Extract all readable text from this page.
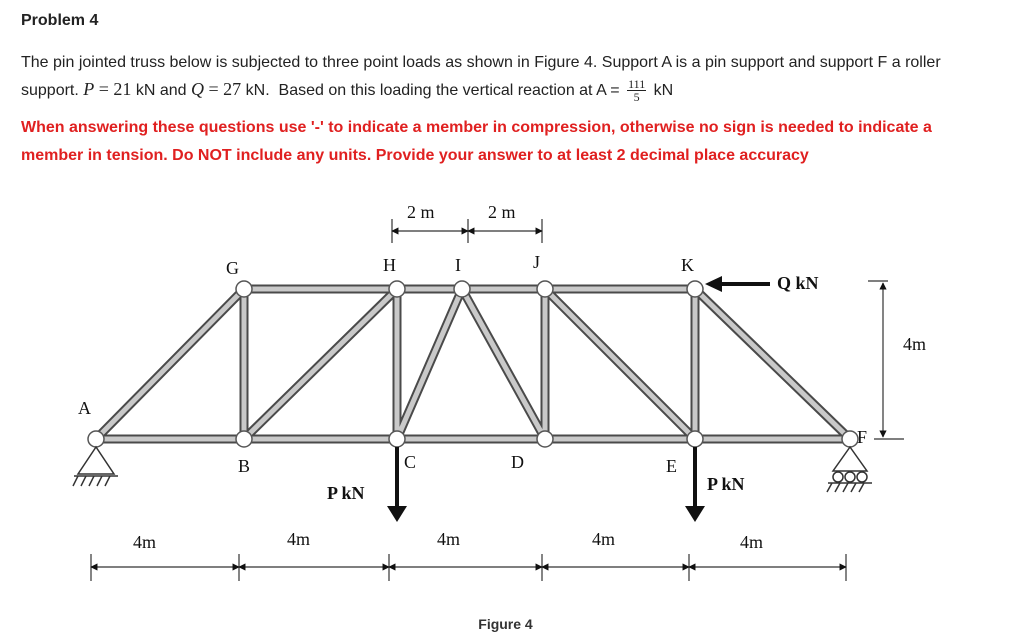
Problem 4
The pin jointed truss below is subjected to three point loads as shown in Figure 4. Support A is a pin support and support F a roller support. P = 21 kN and Q = 27 kN. Based on this loading the vertical reaction at $A = \frac{111}{5}$ kN
When answering these questions use '-' to indicate a member in compression, otherwise no sign is needed to indicate a
member in tension. Do NOT include any units. Provide your answer to at least 2 decimal place accuracy
A
B	C	D	E
F
G	H	I	J	K
P kN	P kN
Q kN
2 m	2 m
4m
4m	4m	4m	4m	4m
Figure 4
